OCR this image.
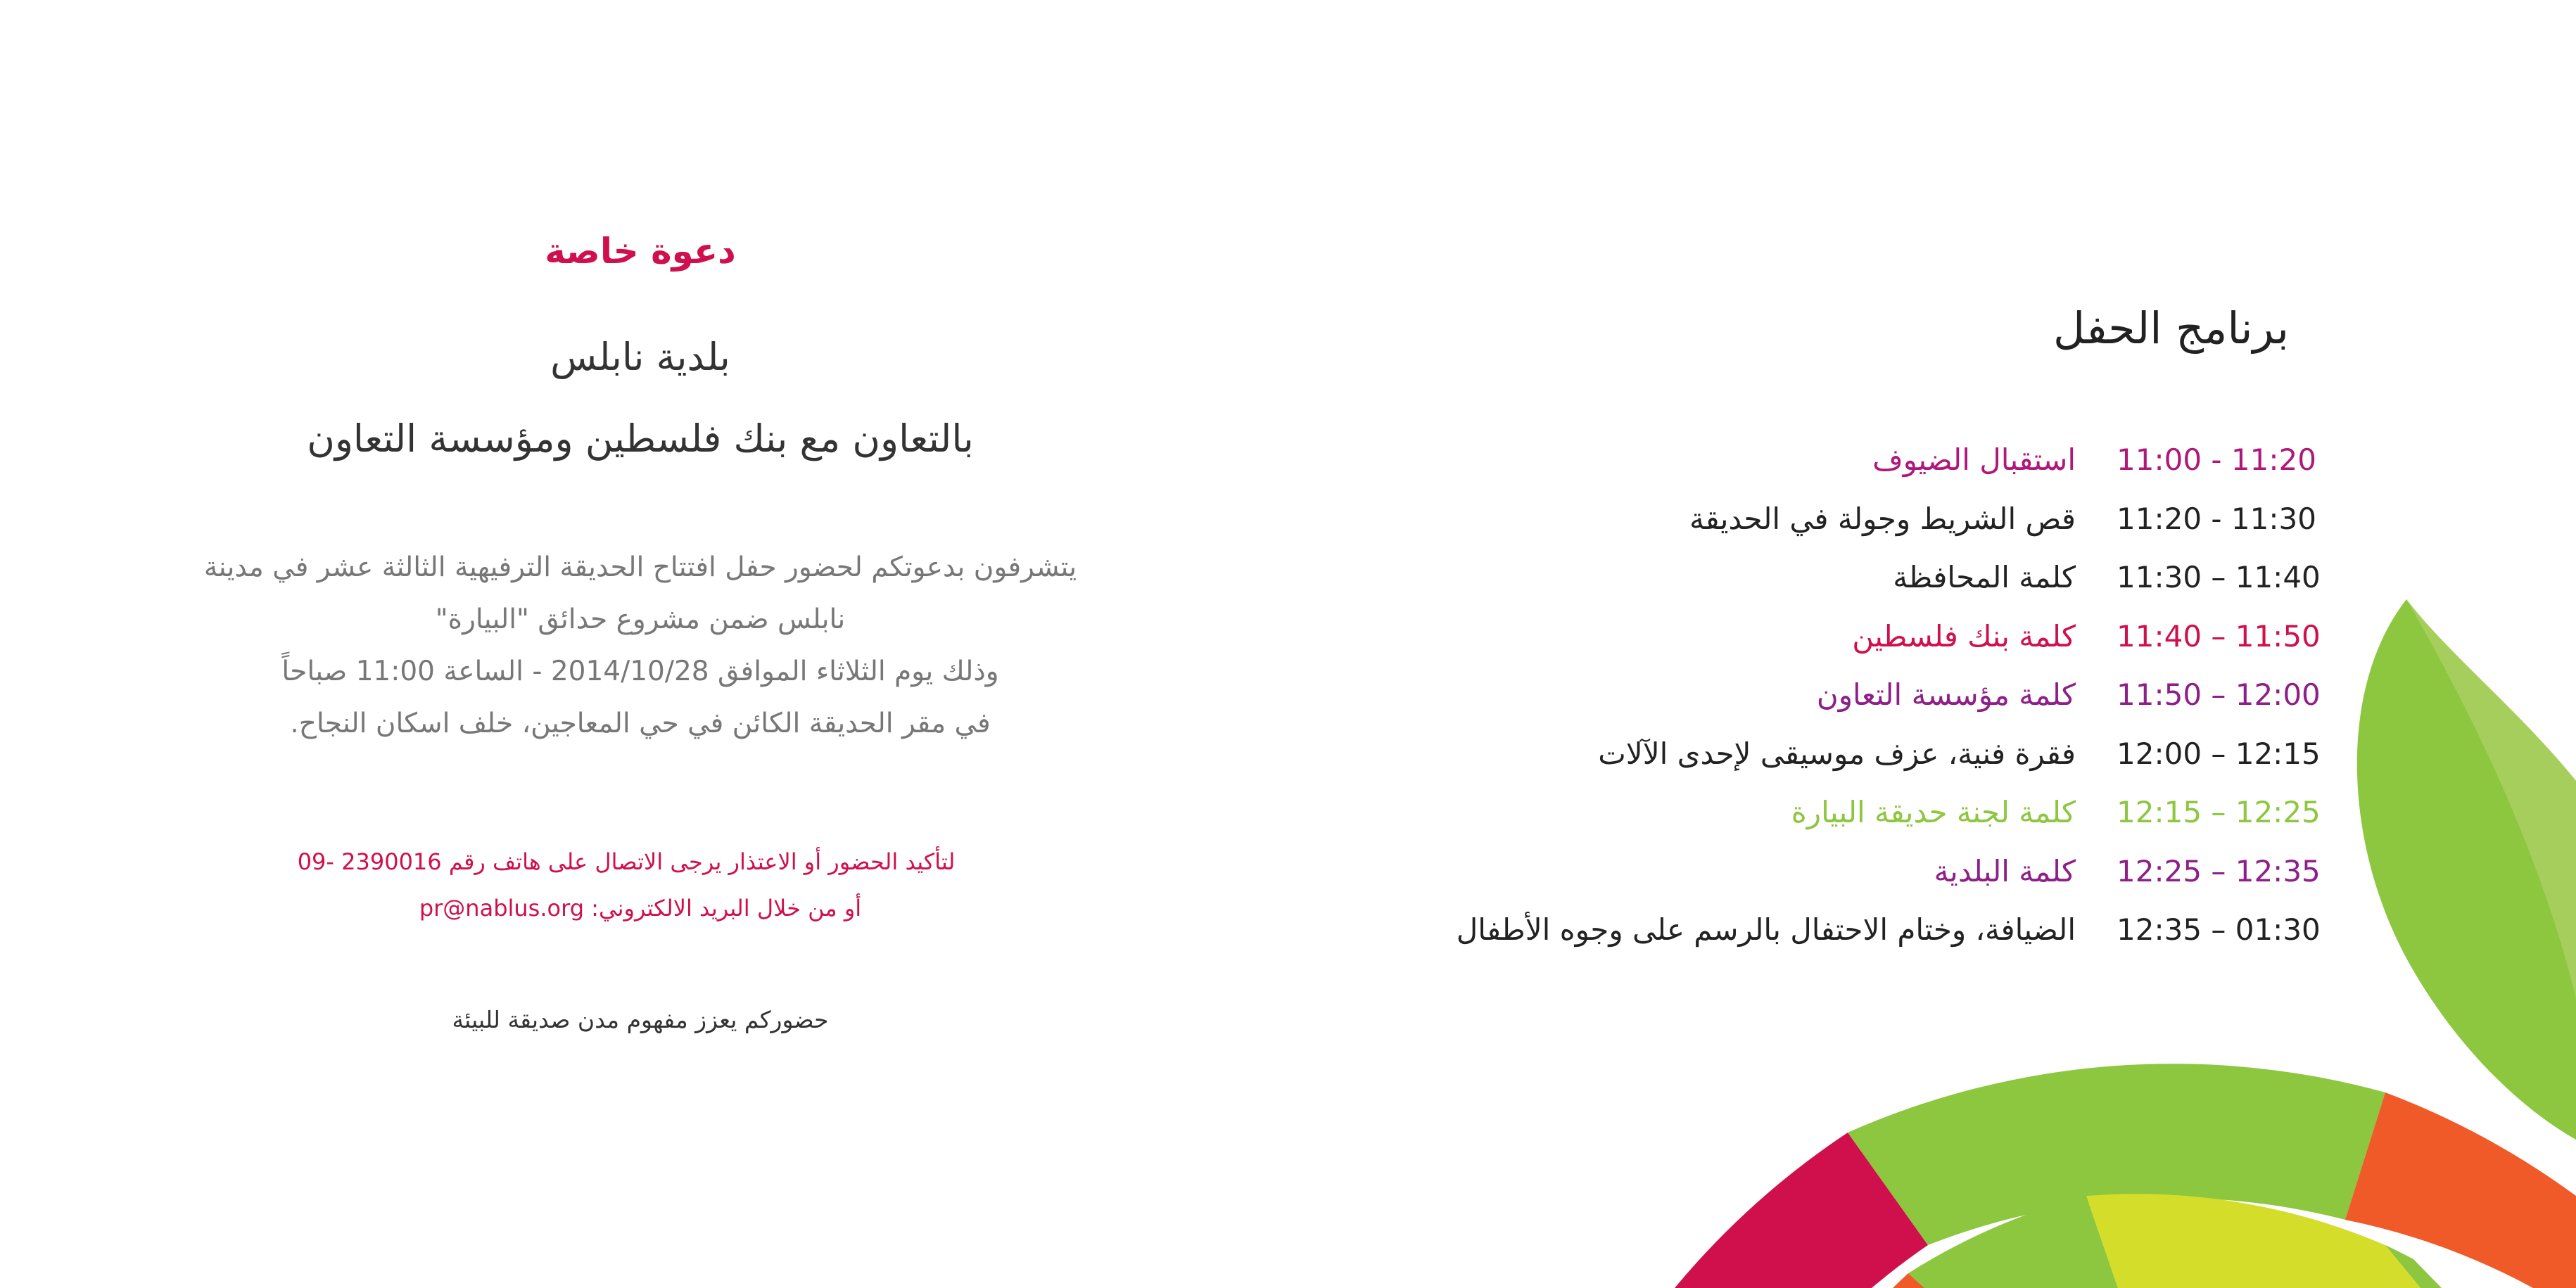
دعوة خاصة
بلدية نابلس
بالتعاون مع بنك فلسطين ومؤسسة التعاون
يتشرفون بدعوتكم لحضور حفل افتتاح الحديقة الترفيهية الثالثة عشر في مدينة
نابلس ضمن مشروع حدائق "البيارة"
وذلك يوم الثلاثاء الموافق 2014/10/28 - الساعة 11:00 صباحاً
في مقر الحديقة الكائن في حي المعاجين، خلف اسكان النجاح.
لتأكيد الحضور أو الاعتذار يرجى الاتصال على هاتف رقم 2390016 -09
أو من خلال البريد الالكتروني: pr@nablus.org
حضوركم يعزز مفهوم مدن صديقة للبيئة
برنامج الحفل
11:00 - 11:20
استقبال الضيوف
11:20 - 11:30
قص الشريط وجولة في الحديقة
11:30 – 11:40
كلمة المحافظة
11:40 – 11:50
كلمة بنك فلسطين
11:50 – 12:00
كلمة مؤسسة التعاون
12:00 – 12:15
فقرة فنية، عزف موسيقى لإحدى الآلات
12:15 – 12:25
كلمة لجنة حديقة البيارة
12:25 – 12:35
كلمة البلدية
12:35 – 01:30
الضيافة، وختام الاحتفال بالرسم على وجوه الأطفال
